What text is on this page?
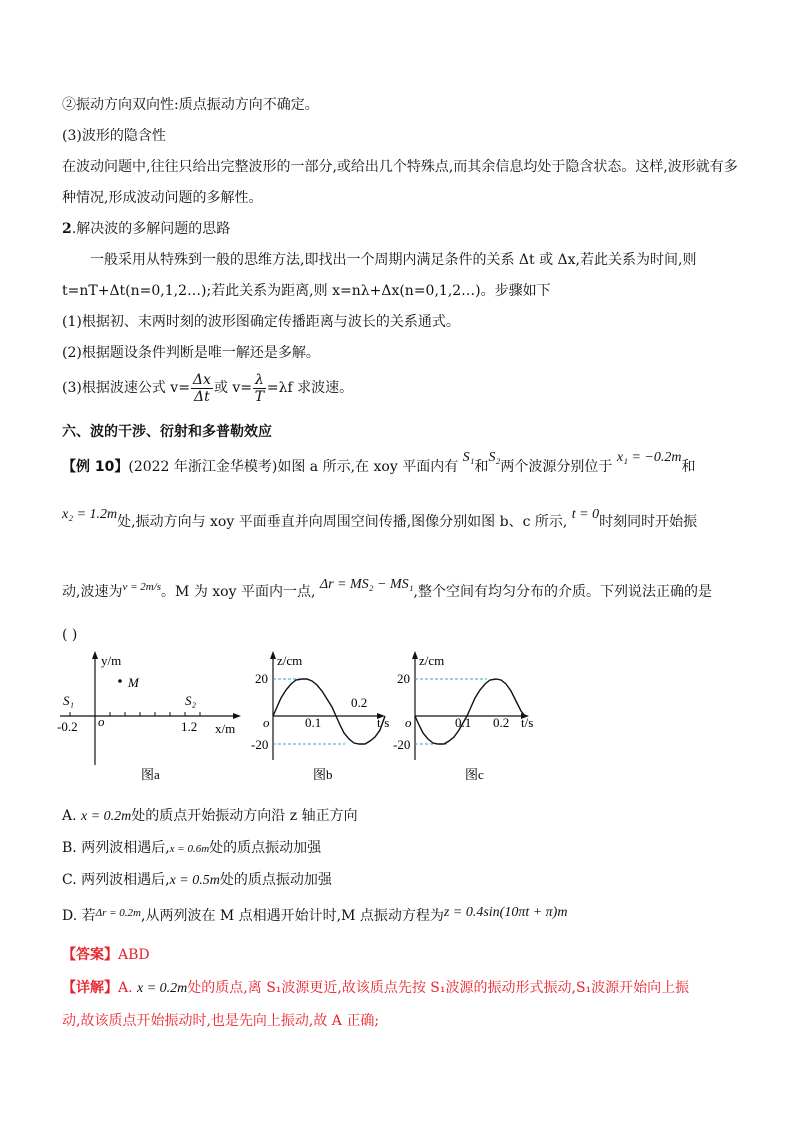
②振动方向双向性:质点振动方向不确定。
(3)波形的隐含性
在波动问题中,往往只给出完整波形的一部分,或给出几个特殊点,而其余信息均处于隐含状态。这样,波形就有多
种情况,形成波动问题的多解性。
2.解决波的多解问题的思路
一般采用从特殊到一般的思维方法,即找出一个周期内满足条件的关系 Δt 或 Δx,若此关系为时间,则
t=nT+Δt(n=0,1,2…);若此关系为距离,则 x=nλ+Δx(n=0,1,2…)。步骤如下
(1)根据初、末两时刻的波形图确定传播距离与波长的关系通式。
(2)根据题设条件判断是唯一解还是多解。
(3)根据波速公式 $v= \frac{\Delta x}{\Delta t}$ 或 $v= \frac{\lambda}{T} =\lambda f$ 求波速。
六、波的干涉、衍射和多普勒效应
【例 10】(2022 年浙江金华模考)如图 a 所示,在 xoy 平面内有 S₁和S₂两个波源分别位于 x₁ = −0.2m和
x₂ = 1.2m处,振动方向与 xoy 平面垂直并向周围空间传播,图像分别如图 b、c 所示, t = 0时刻同时开始振
动,波速为$^{v = 2m/s}$。M 为 xoy 平面内一点, Δr = MS₂ − MS₁,整个空间有均匀分布的介质。下列说法正确的是
( )
y/m
x/m
M
S₁	S₂
-0.2 o	1.2
图a
z/cm
20
-20
o	0.1
0.2
t/s
图b
z/cm
20
-20
o	0.1 0.2 t/s
图c
A. x = 0.2m处的质点开始振动方向沿 z 轴正方向
B. 两列波相遇后,x = 0.6m处的质点振动加强
C. 两列波相遇后,x = 0.5m处的质点振动加强
D. 若$^{\Delta r = 0.2m}$,从两列波在 M 点相遇开始计时,M 点振动方程为z = 0.4sin(10πt + π)m
【答案】ABD
【详解】A. x = 0.2m处的质点,离 S₁波源更近,故该质点先按 S₁波源的振动形式振动,S₁波源开始向上振
动,故该质点开始振动时,也是先向上振动,故 A 正确;
